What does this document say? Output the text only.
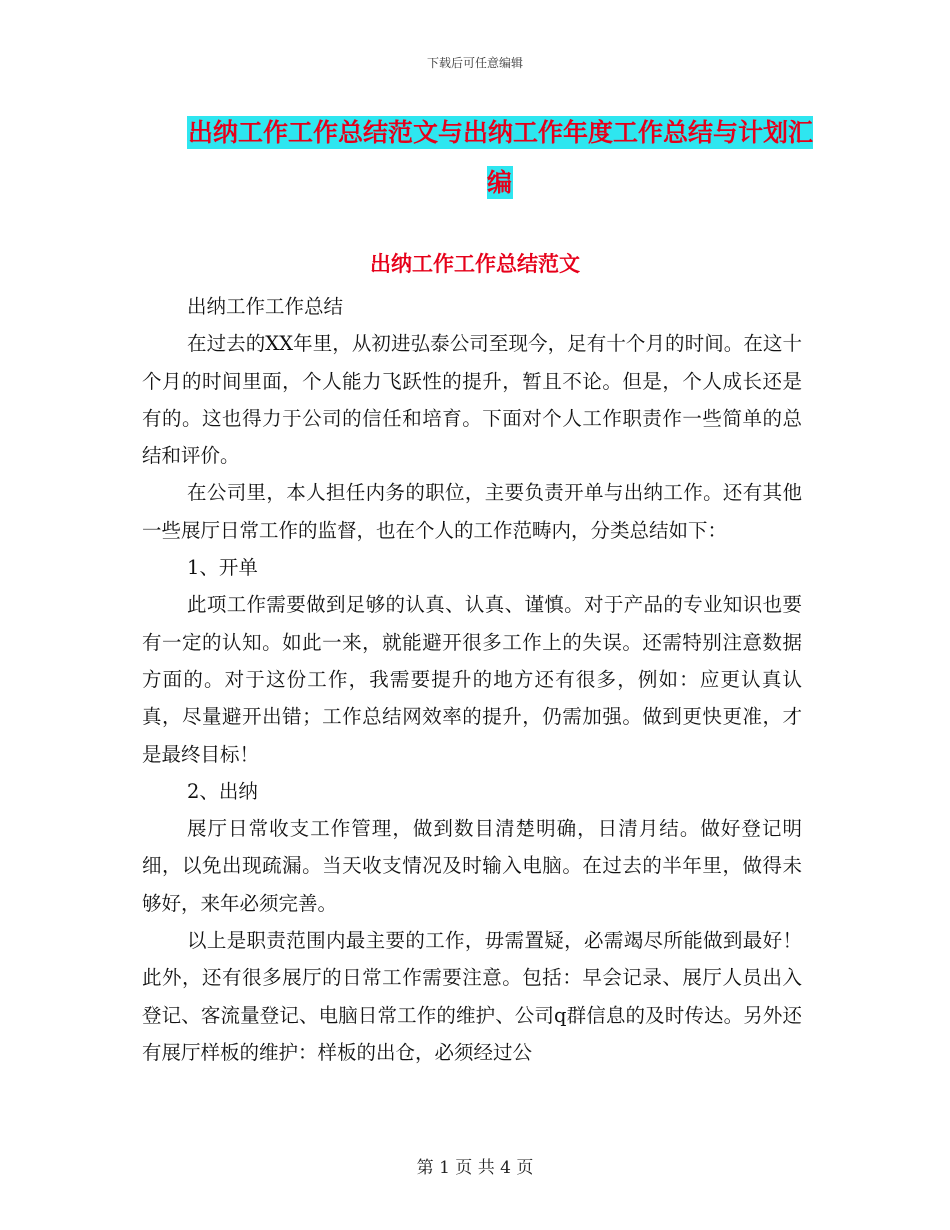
下载后可任意编辑
出纳工作工作总结范文与出纳工作年度工作总结与计划汇编
出纳工作工作总结范文

出纳工作工作总结

在过去的XX年里，从初进弘泰公司至现今，足有十个月的时间。在这十个月的时间里面，个人能力飞跃性的提升，暂且不论。但是，个人成长还是有的。这也得力于公司的信任和培育。下面对个人工作职责作一些简单的总结和评价。

在公司里，本人担任内务的职位，主要负责开单与出纳工作。还有其他一些展厅日常工作的监督，也在个人的工作范畴内，分类总结如下：

1、开单

此项工作需要做到足够的认真、认真、谨慎。对于产品的专业知识也要有一定的认知。如此一来，就能避开很多工作上的失误。还需特别注意数据方面的。对于这份工作，我需要提升的地方还有很多，例如：应更认真认真，尽量避开出错；工作总结网效率的提升，仍需加强。做到更快更准，才是最终目标！

2、出纳

展厅日常收支工作管理，做到数目清楚明确，日清月结。做好登记明细，以免出现疏漏。当天收支情况及时输入电脑。在过去的半年里，做得未够好，来年必须完善。

以上是职责范围内最主要的工作，毋需置疑，必需竭尽所能做到最好！此外，还有很多展厅的日常工作需要注意。包括：早会记录、展厅人员出入登记、客流量登记、电脑日常工作的维护、公司q群信息的及时传达。另外还有展厅样板的维护：样板的出仓，必须经过公

第 1 页 共 4 页
